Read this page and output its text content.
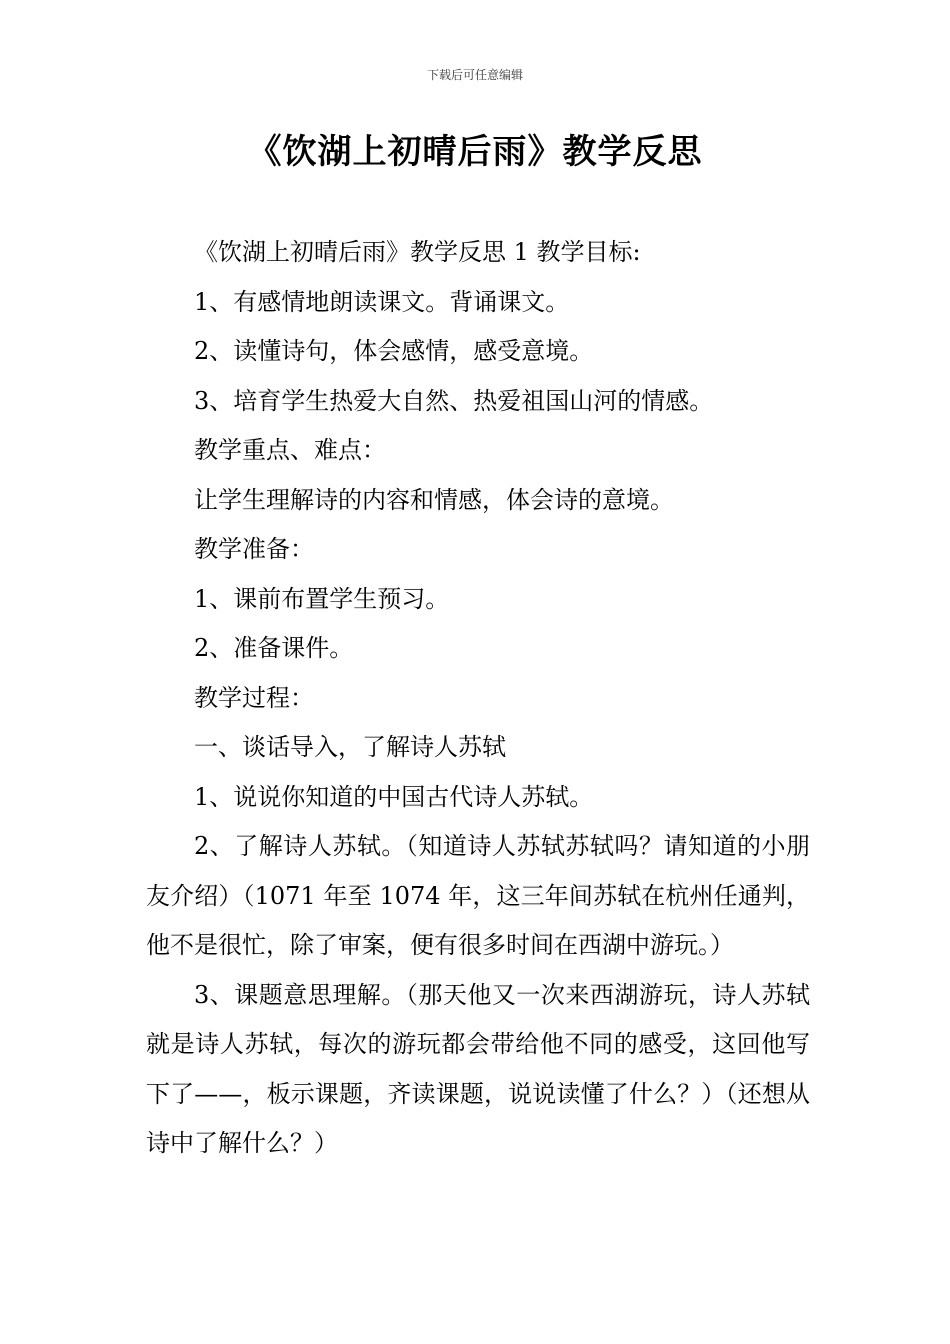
下载后可任意编辑
《饮湖上初晴后雨》教学反思

《饮湖上初晴后雨》教学反思 1 教学目标:

1、有感情地朗读课文。背诵课文。

2、读懂诗句，体会感情，感受意境。

3、培育学生热爱大自然、热爱祖国山河的情感。

教学重点、难点：

让学生理解诗的内容和情感，体会诗的意境。

教学准备：

1、课前布置学生预习。

2、准备课件。

教学过程：

一、谈话导入，了解诗人苏轼

1、说说你知道的中国古代诗人苏轼。

2、了解诗人苏轼。（知道诗人苏轼苏轼吗？请知道的小朋友介绍）（1071 年至 1074 年，这三年间苏轼在杭州任通判，他不是很忙，除了审案，便有很多时间在西湖中游玩。）

3、课题意思理解。（那天他又一次来西湖游玩，诗人苏轼就是诗人苏轼，每次的游玩都会带给他不同的感受，这回他写下了——，板示课题，齐读课题，说说读懂了什么？）（还想从诗中了解什么？）
